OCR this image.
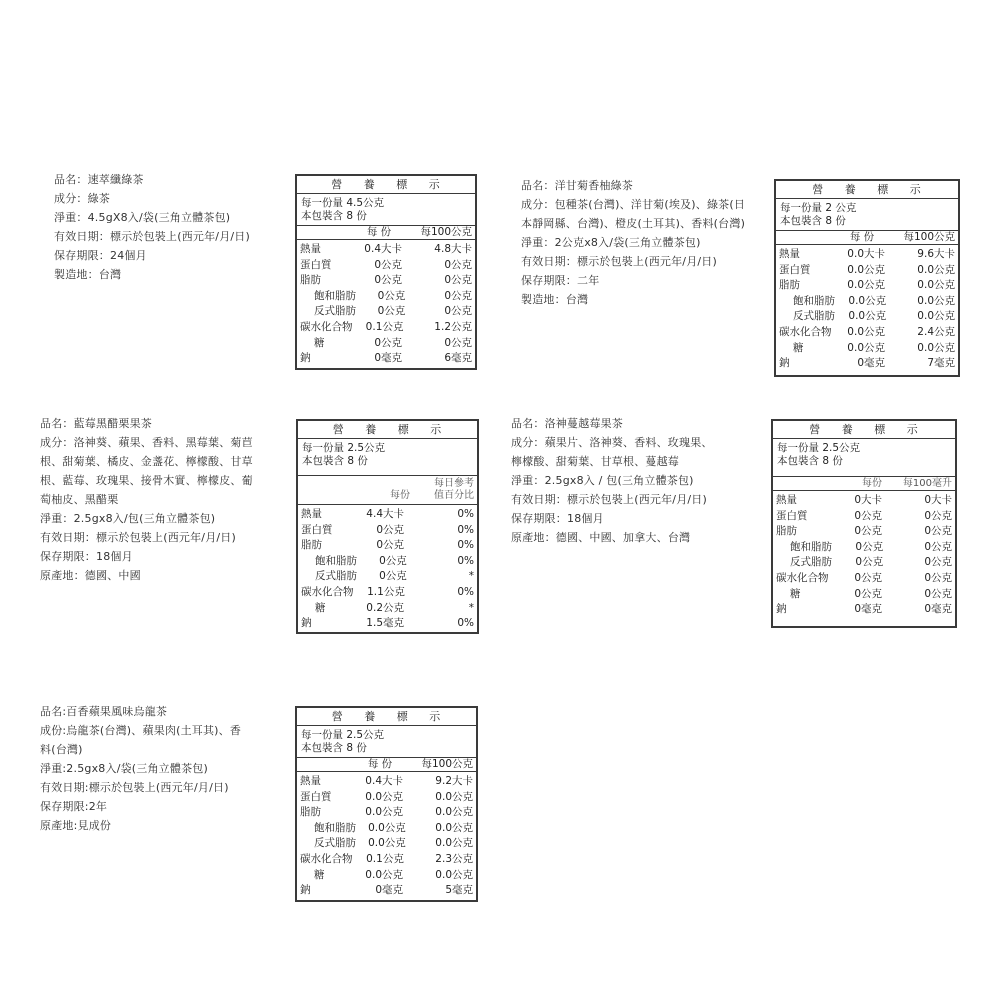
品名：速萃纖綠茶
成分：綠茶
淨重：4.5gX8入/袋(三角立體茶包)
有效日期：標示於包裝上(西元年/月/日)
保存期限：24個月
製造地：台灣
營 養 標 示
每一份量 4.5公克
本包裝含 8 份
每 份	每100公克
熱量	0.4大卡	4.8大卡
蛋白質	0公克	0公克
脂肪	0公克	0公克
飽和脂肪	0公克	0公克
反式脂肪	0公克	0公克
碳水化合物	0.1公克	1.2公克
糖	0公克	0公克
鈉	0毫克	6毫克
品名：洋甘菊香柚綠茶
成分：包種茶(台灣)、洋甘菊(埃及)、綠茶(日
本靜岡縣、台灣)、橙皮(土耳其)、香料(台灣)
淨重：2公克x8入/袋(三角立體茶包)
有效日期：標示於包裝上(西元年/月/日)
保存期限：二年
製造地：台灣
營 養 標 示
每一份量 2 公克
本包裝含 8 份
每 份	每100公克
熱量	0.0大卡	9.6大卡
蛋白質	0.0公克	0.0公克
脂肪	0.0公克	0.0公克
飽和脂肪	0.0公克	0.0公克
反式脂肪	0.0公克	0.0公克
碳水化合物	0.0公克	2.4公克
糖	0.0公克	0.0公克
鈉	0毫克	7毫克
品名：藍莓黑醋栗果茶
成分：洛神葵、蘋果、香料、黑莓葉、菊苣
根、甜菊葉、橘皮、金盞花、檸檬酸、甘草
根、藍莓、玫瑰果、接骨木實、檸檬皮、葡
萄柚皮、黑醋栗
淨重：2.5gx8入/包(三角立體茶包)
有效日期：標示於包裝上(西元年/月/日)
保存期限：18個月
原產地：德國、中國
營 養 標 示
每一份量 2.5公克
本包裝含 8 份
每份
每日參考
值百分比
熱量	4.4大卡	0%
蛋白質	0公克	0%
脂肪	0公克	0%
飽和脂肪	0公克	0%
反式脂肪	0公克	*
碳水化合物	1.1公克	0%
糖	0.2公克	*
鈉	1.5毫克	0%
品名：洛神蔓越莓果茶
成分：蘋果片、洛神葵、香料、玫瑰果、
檸檬酸、甜菊葉、甘草根、蔓越莓
淨重：2.5gx8入 / 包(三角立體茶包)
有效日期：標示於包裝上(西元年/月/日)
保存期限：18個月
原產地：德國、中國、加拿大、台灣
營 養 標 示
每一份量 2.5公克
本包裝含 8 份
每份	每100毫升
熱量	0大卡	0大卡
蛋白質	0公克	0公克
脂肪	0公克	0公克
飽和脂肪	0公克	0公克
反式脂肪	0公克	0公克
碳水化合物	0公克	0公克
糖	0公克	0公克
鈉	0毫克	0毫克
品名:百香蘋果風味烏龍茶
成份:烏龍茶(台灣)、蘋果肉(土耳其)、香
料(台灣)
淨重:2.5gx8入/袋(三角立體茶包)
有效日期:標示於包裝上(西元年/月/日)
保存期限:2年
原產地:見成份
營 養 標 示
每一份量 2.5公克
本包裝含 8 份
每 份	每100公克
熱量	0.4大卡	9.2大卡
蛋白質	0.0公克	0.0公克
脂肪	0.0公克	0.0公克
飽和脂肪	0.0公克	0.0公克
反式脂肪	0.0公克	0.0公克
碳水化合物	0.1公克	2.3公克
糖	0.0公克	0.0公克
鈉	0毫克	5毫克
